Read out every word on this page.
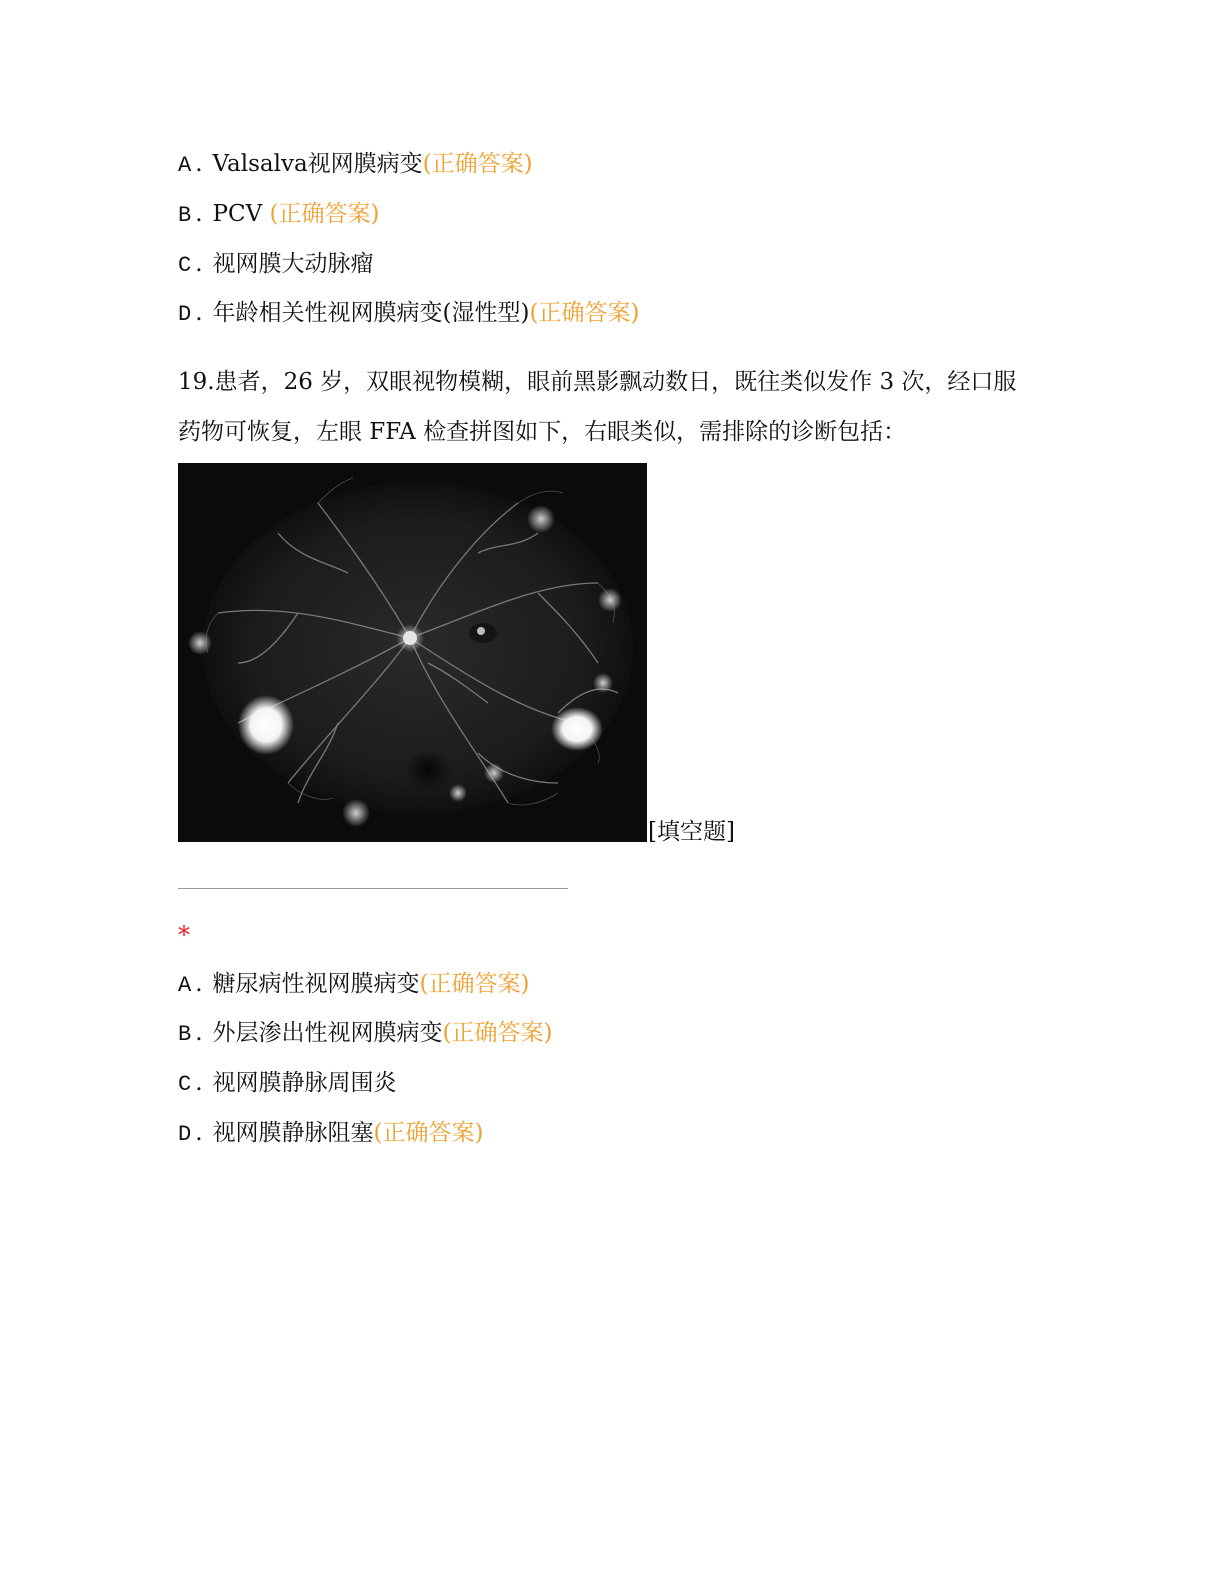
A . Valsalva视网膜病变(正确答案)
B . PCV (正确答案)
C . 视网膜大动脉瘤
D . 年龄相关性视网膜病变(湿性型)(正确答案)
19.患者，26 岁，双眼视物模糊，眼前黑影飘动数日，既往类似发作 3 次，经口服
药物可恢复，左眼 FFA 检查拼图如下，右眼类似，需排除的诊断包括：
[填空题]
*
A . 糖尿病性视网膜病变(正确答案)
B . 外层渗出性视网膜病变(正确答案)
C . 视网膜静脉周围炎
D . 视网膜静脉阻塞(正确答案)
